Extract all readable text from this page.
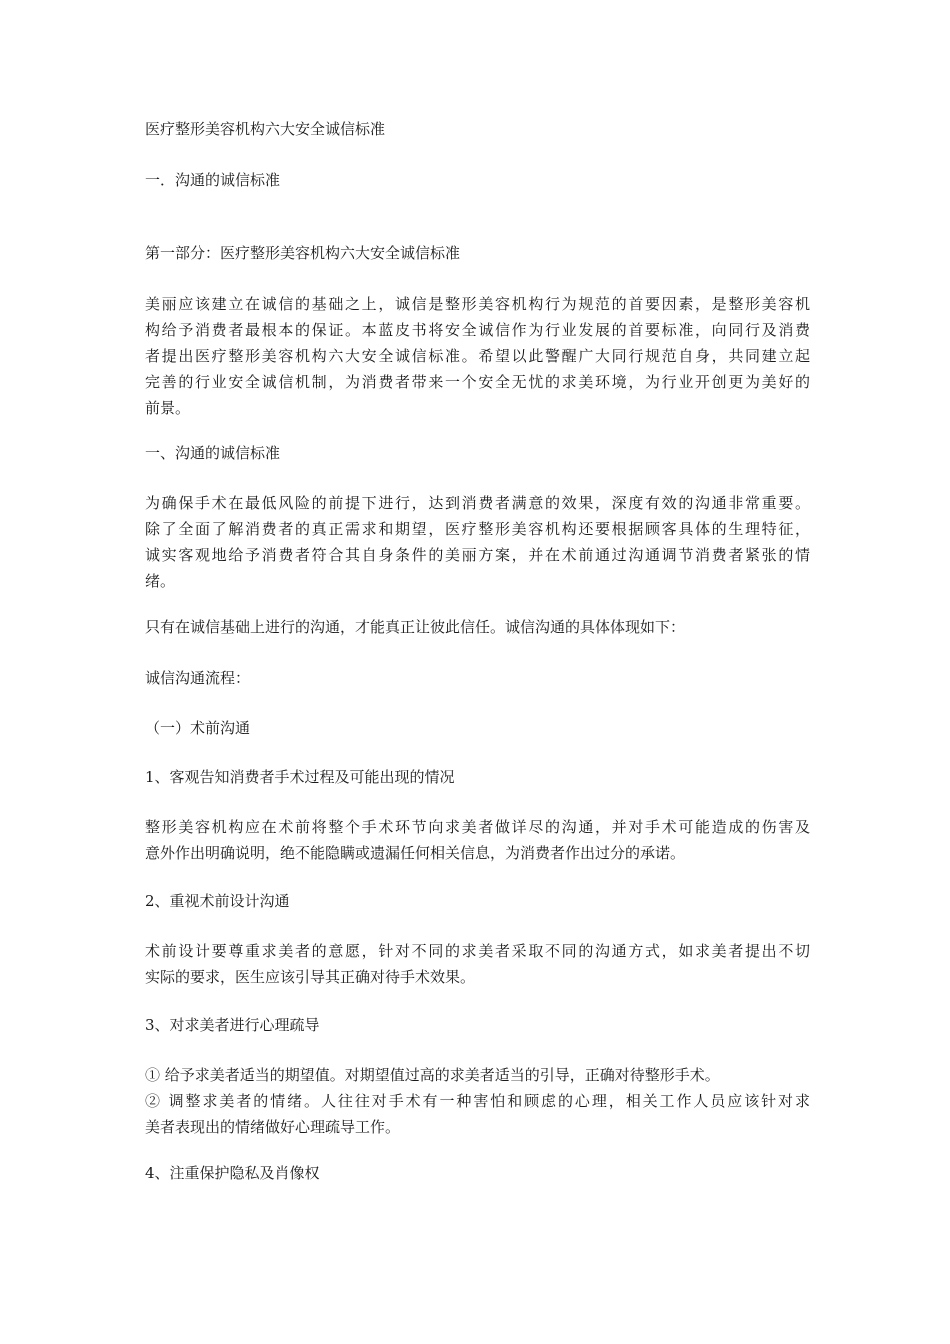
医疗整形美容机构六大安全诚信标准
一．沟通的诚信标准
第一部分：医疗整形美容机构六大安全诚信标准
美丽应该建立在诚信的基础之上，诚信是整形美容机构行为规范的首要因素，是整形美容机
构给予消费者最根本的保证。本蓝皮书将安全诚信作为行业发展的首要标准，向同行及消费
者提出医疗整形美容机构六大安全诚信标准。希望以此警醒广大同行规范自身，共同建立起
完善的行业安全诚信机制，为消费者带来一个安全无忧的求美环境，为行业开创更为美好的
前景。
一、沟通的诚信标准
为确保手术在最低风险的前提下进行，达到消费者满意的效果，深度有效的沟通非常重要。
除了全面了解消费者的真正需求和期望，医疗整形美容机构还要根据顾客具体的生理特征，
诚实客观地给予消费者符合其自身条件的美丽方案，并在术前通过沟通调节消费者紧张的情
绪。
只有在诚信基础上进行的沟通，才能真正让彼此信任。诚信沟通的具体体现如下：
诚信沟通流程：
（一）术前沟通
1、客观告知消费者手术过程及可能出现的情况
整形美容机构应在术前将整个手术环节向求美者做详尽的沟通，并对手术可能造成的伤害及
意外作出明确说明，绝不能隐瞒或遗漏任何相关信息，为消费者作出过分的承诺。
2、重视术前设计沟通
术前设计要尊重求美者的意愿，针对不同的求美者采取不同的沟通方式，如求美者提出不切
实际的要求，医生应该引导其正确对待手术效果。
3、对求美者进行心理疏导
① 给予求美者适当的期望值。对期望值过高的求美者适当的引导，正确对待整形手术。
② 调整求美者的情绪。人往往对手术有一种害怕和顾虑的心理，相关工作人员应该针对求
美者表现出的情绪做好心理疏导工作。
4、注重保护隐私及肖像权
